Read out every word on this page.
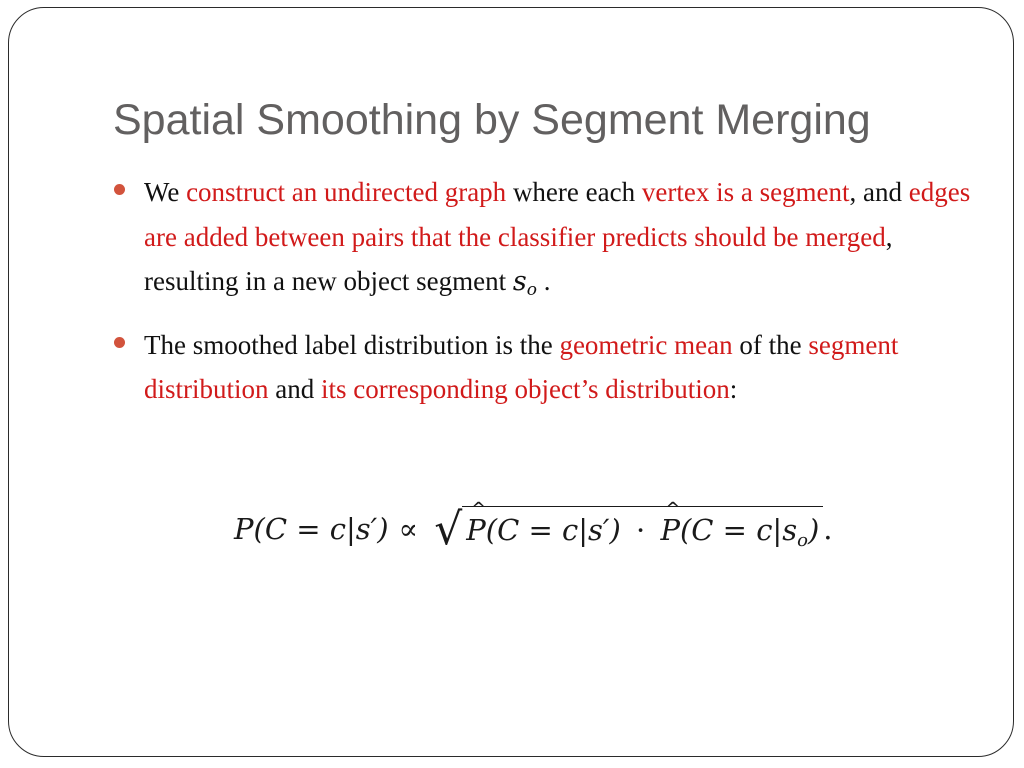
Spatial Smoothing by Segment Merging
We construct an undirected graph where each vertex is a segment, and edges are added between pairs that the classifier predicts should be merged, resulting in a new object segment $s_o$ .
The smoothed label distribution is the geometric mean of the segment distribution and its corresponding object’s distribution:
P(C = c|s′) ∝ √ ^ P(C = c|s′) · ^ $P(C = c|s_o)$ .
